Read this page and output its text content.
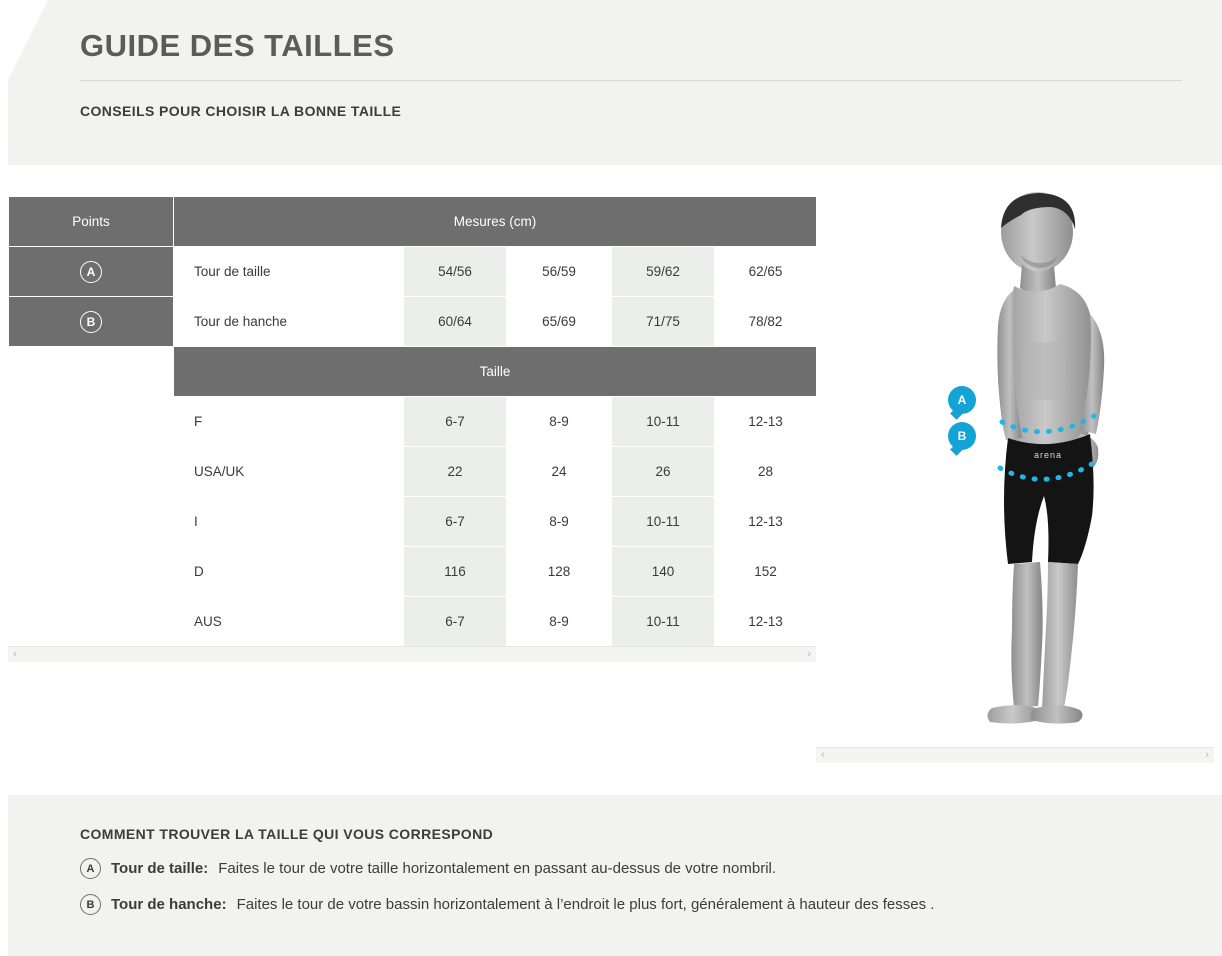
GUIDE DES TAILLES
CONSEILS POUR CHOISIR LA BONNE TAILLE
Points	Mesures (cm)				
A	Tour de taille	54/56	56/59	59/62	62/65
B	Tour de hanche	60/64	65/69	71/75	78/82
	Taille				
	F	6-7	8-9	10-11	12-13
	USA/UK	22	24	26	28
	I	6-7	8-9	10-11	12-13
	D	116	128	140	152
	AUS	6-7	8-9	10-11	12-13
‹	›
arena
A
B
‹	›
COMMENT TROUVER LA TAILLE QUI VOUS CORRESPOND
A	Tour de taille: Faites le tour de votre taille horizontalement en passant au-dessus de votre nombril.
B	Tour de hanche: Faites le tour de votre bassin horizontalement à l’endroit le plus fort, généralement à hauteur des fesses .
